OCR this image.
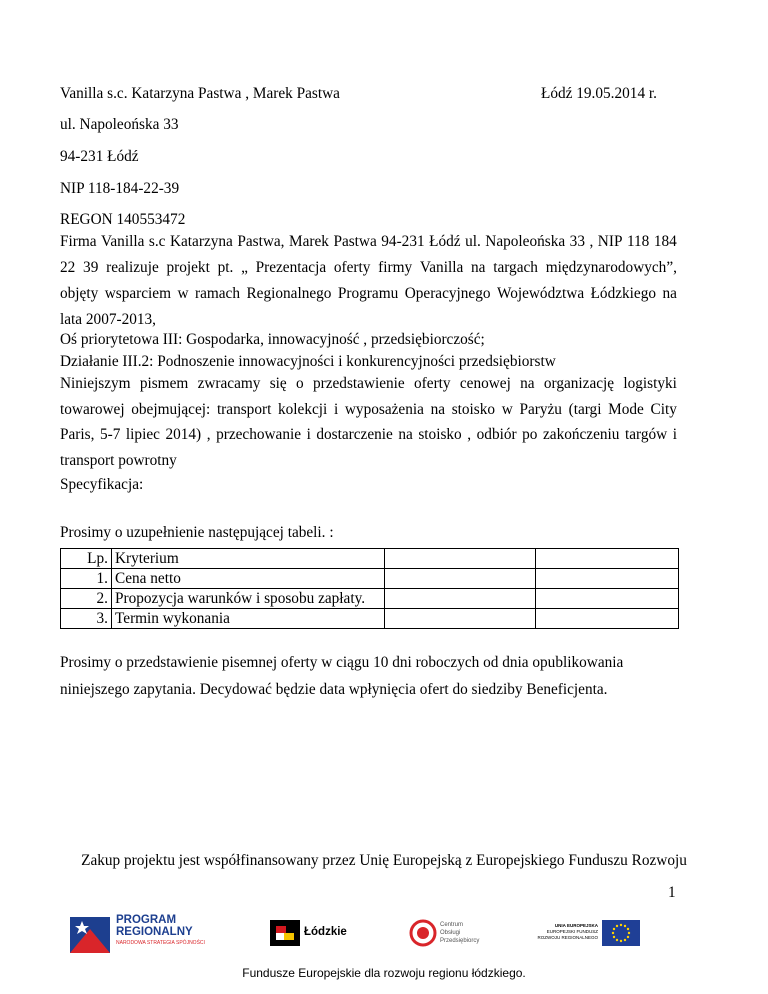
Vanilla s.c. Katarzyna Pastwa , Marek Pastwa	Łódź 19.05.2014 r.
ul. Napoleońska 33
94-231 Łódź
NIP 118-184-22-39
REGON 140553472
Firma Vanilla s.c Katarzyna Pastwa, Marek Pastwa 94-231 Łódź ul. Napoleońska 33 , NIP 118 184
22 39 realizuje projekt pt. „ Prezentacja oferty firmy Vanilla na targach międzynarodowych”,
objęty wsparciem w ramach Regionalnego Programu Operacyjnego Województwa Łódzkiego na
lata 2007-2013,
Oś priorytetowa III: Gospodarka, innowacyjność , przedsiębiorczość;
Działanie III.2: Podnoszenie innowacyjności i konkurencyjności przedsiębiorstw
Niniejszym pismem zwracamy się o przedstawienie oferty cenowej na organizację logistyki
towarowej obejmującej: transport kolekcji i wyposażenia na stoisko w Paryżu (targi Mode City
Paris, 5-7 lipiec 2014) , przechowanie i dostarczenie na stoisko , odbiór po zakończeniu targów i
transport powrotny
Specyfikacja:
Prosimy o uzupełnienie następującej tabeli. :
Lp.	Kryterium		
1.	Cena netto		
2.	Propozycja warunków i sposobu zapłaty.		
3.	Termin wykonania		
Prosimy o przedstawienie pisemnej oferty w ciągu 10 dni roboczych od dnia opublikowania
niniejszego zapytania. Decydować będzie data wpłynięcia ofert do siedziby Beneficjenta.
Zakup projektu jest współfinansowany przez Unię Europejską z Europejskiego Funduszu Rozwoju
1
PROGRAM
REGIONALNY
NARODOWA STRATEGIA SPÓJNOŚCI
Łódzkie
Centrum
Obsługi
Przedsiębiorcy
UNIA EUROPEJSKA
EUROPEJSKI FUNDUSZ
ROZWOJU REGIONALNEGO
Fundusze Europejskie dla rozwoju regionu łódzkiego.
